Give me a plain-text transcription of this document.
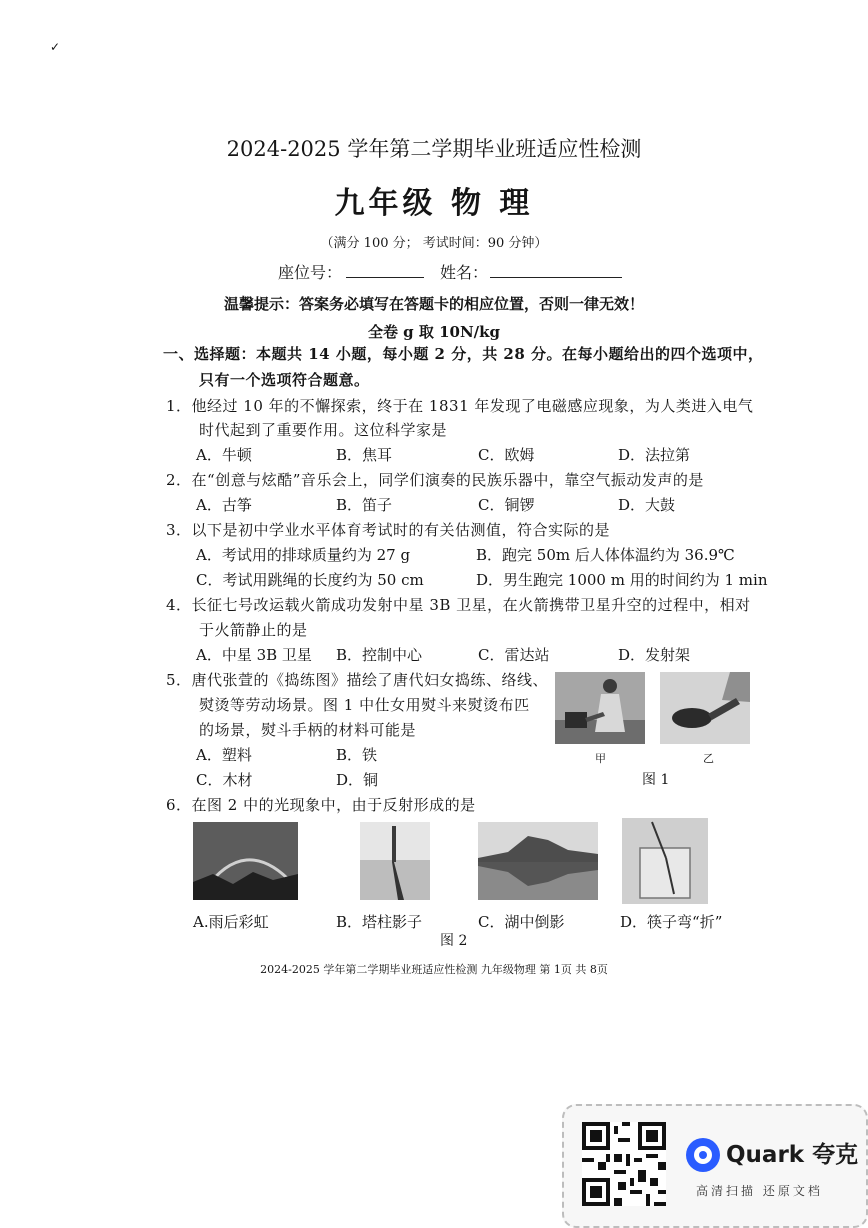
✓
2024-2025 学年第二学期毕业班适应性检测
九年级 物 理
（满分 100 分； 考试时间：90 分钟）
座位号：	姓名：
温馨提示：答案务必填写在答题卡的相应位置，否则一律无效！
全卷 g 取 10N/kg
一、选择题：本题共 14 小题，每小题 2 分，共 28 分。在每小题给出的四个选项中，
只有一个选项符合题意。
1．他经过 10 年的不懈探索，终于在 1831 年发现了电磁感应现象，为人类进入电气
时代起到了重要作用。这位科学家是
A．牛顿	B．焦耳	C．欧姆	D．法拉第
2．在“创意与炫酷”音乐会上，同学们演奏的民族乐器中，靠空气振动发声的是
A．古筝	B．笛子	C．铜锣	D．大鼓
3．以下是初中学业水平体育考试时的有关估测值，符合实际的是
A．考试用的排球质量约为 27 g	B．跑完 50m 后人体体温约为 36.9℃
C．考试用跳绳的长度约为 50 cm	D．男生跑完 1000 m 用的时间约为 1 min
4．长征七号改运载火箭成功发射中星 3B 卫星，在火箭携带卫星升空的过程中，相对
于火箭静止的是
A．中星 3B 卫星 B．控制中心	C．雷达站	D．发射架
5．唐代张萱的《捣练图》描绘了唐代妇女捣练、络线、
熨烫等劳动场景。图 1 中仕女用熨斗来熨烫布匹
的场景，熨斗手柄的材料可能是
A．塑料	B．铁
C．木材	D．铜
甲	乙
图 1
6．在图 2 中的光现象中，由于反射形成的是
A.雨后彩虹	B．塔柱影子	C．湖中倒影	D．筷子弯“折”
图 2
2024-2025 学年第二学期毕业班适应性检测 九年级物理 第 1页 共 8页
Quark 夸克
高清扫描 还原文档
